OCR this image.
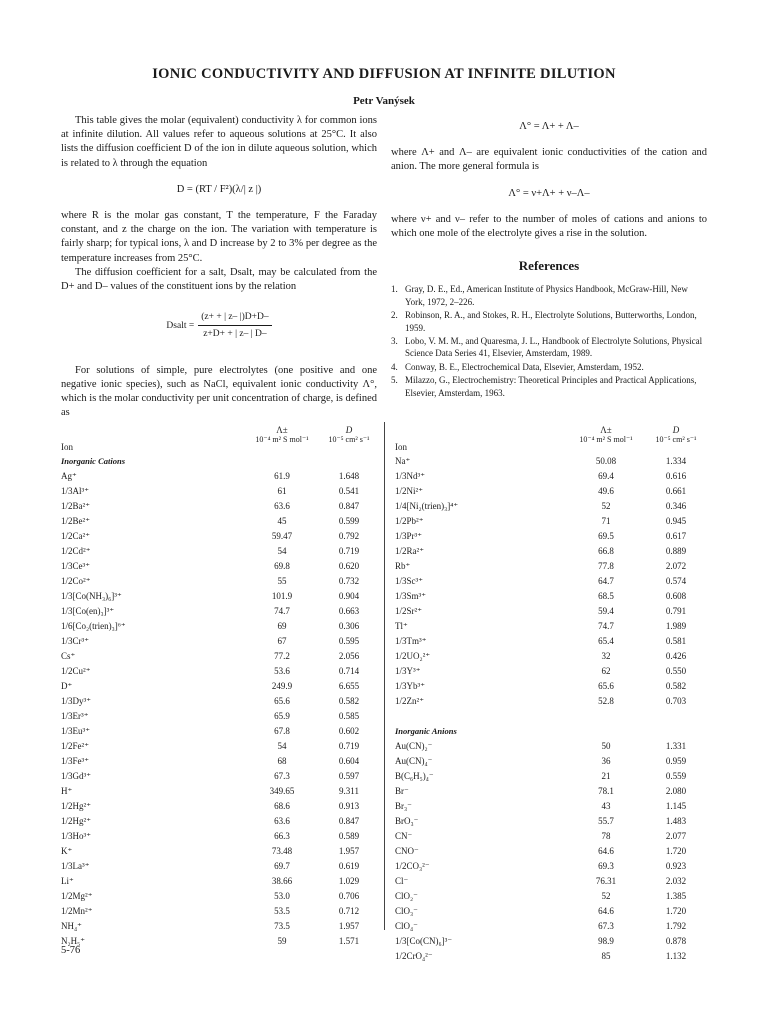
IONIC CONDUCTIVITY AND DIFFUSION AT INFINITE DILUTION
Petr Vanýsek

This table gives the molar (equivalent) conductivity λ for common ions at infinite dilution. All values refer to aqueous solutions at 25°C. It also lists the diffusion coefficient D of the ion in dilute aqueous solution, which is related to λ through the equation

D = (RT / F²)(λ/| z |)

where R is the molar gas constant, T the temperature, F the Faraday constant, and z the charge on the ion. The variation with temperature is fairly sharp; for typical ions, λ and D increase by 2 to 3% per degree as the temperature increases from 25°C.

The diffusion coefficient for a salt, Dsalt, may be calculated from the D+ and D– values of the constituent ions by the relation

Dsalt = $\frac{(z+ + | z- |)D+D-}{z+D+ + | z- | D-}$

For solutions of simple, pure electrolytes (one positive and one negative ionic species), such as NaCl, equivalent ionic conductivity Λ°, which is the molar conductivity per unit concentration of charge, is defined as

Λ° = Λ+ + Λ–

where Λ+ and Λ– are equivalent ionic conductivities of the cation and anion. The more general formula is

Λ° = ν+Λ+ + ν–Λ–

where ν+ and ν– refer to the number of moles of cations and anions to which one mole of the electrolyte gives a rise in the solution.

References
1. Gray, D. E., Ed., American Institute of Physics Handbook, McGraw-Hill, New York, 1972, 2–226.
2. Robinson, R. A., and Stokes, R. H., Electrolyte Solutions, Butterworths, London, 1959.
3. Lobo, V. M. M., and Quaresma, J. L., Handbook of Electrolyte Solutions, Physical Science Data Series 41, Elsevier, Amsterdam, 1989.
4. Conway, B. E., Electrochemical Data, Elsevier, Amsterdam, 1952.
5. Milazzo, G., Electrochemistry: Theoretical Principles and Practical Applications, Elsevier, Amsterdam, 1963.
Ion
Λ±
10⁻⁴ m² S mol⁻¹
D
10⁻⁵ cm² s⁻¹
Inorganic Cations
Ag⁺	61.9	1.648
1/3Al³⁺	61	0.541
1/2Ba²⁺	63.6	0.847
1/2Be²⁺	45	0.599
1/2Ca²⁺	59.47	0.792
1/2Cd²⁺	54	0.719
1/3Ce³⁺	69.8	0.620
1/2Co²⁺	55	0.732
1/3[Co(NH₃)₆]³⁺	101.9	0.904
1/3[Co(en)₃]³⁺	74.7	0.663
1/6[Co₂(trien)₃]⁶⁺	69	0.306
1/3Cr³⁺	67	0.595
Cs⁺	77.2	2.056
1/2Cu²⁺	53.6	0.714
D⁺	249.9	6.655
1/3Dy³⁺	65.6	0.582
1/3Er³⁺	65.9	0.585
1/3Eu³⁺	67.8	0.602
1/2Fe²⁺	54	0.719
1/3Fe³⁺	68	0.604
1/3Gd³⁺	67.3	0.597
H⁺	349.65	9.311
1/2Hg²⁺	68.6	0.913
1/2Hg²⁺	63.6	0.847
1/3Ho³⁺	66.3	0.589
K⁺	73.48	1.957
1/3La³⁺	69.7	0.619
Li⁺	38.66	1.029
1/2Mg²⁺	53.0	0.706
1/2Mn²⁺	53.5	0.712
NH₄⁺	73.5	1.957
N₂H₅⁺	59	1.571
Ion
Λ±
10⁻⁴ m² S mol⁻¹
D
10⁻⁵ cm² s⁻¹
Na⁺	50.08	1.334
1/3Nd³⁺	69.4	0.616
1/2Ni²⁺	49.6	0.661
1/4[Ni₂(trien)₃]⁴⁺	52	0.346
1/2Pb²⁺	71	0.945
1/3Pr³⁺	69.5	0.617
1/2Ra²⁺	66.8	0.889
Rb⁺	77.8	2.072
1/3Sc³⁺	64.7	0.574
1/3Sm³⁺	68.5	0.608
1/2Sr²⁺	59.4	0.791
Tl⁺	74.7	1.989
1/3Tm³⁺	65.4	0.581
1/2UO₂²⁺	32	0.426
1/3Y³⁺	62	0.550
1/3Yb³⁺	65.6	0.582
1/2Zn²⁺	52.8	0.703
Inorganic Anions
Au(CN)₂⁻	50	1.331
Au(CN)₄⁻	36	0.959
B(C₆H₅)₄⁻	21	0.559
Br⁻	78.1	2.080
Br₃⁻	43	1.145
BrO₃⁻	55.7	1.483
CN⁻	78	2.077
CNO⁻	64.6	1.720
1/2CO₃²⁻	69.3	0.923
Cl⁻	76.31	2.032
ClO₂⁻	52	1.385
ClO₃⁻	64.6	1.720
ClO₄⁻	67.3	1.792
1/3[Co(CN)₆]³⁻	98.9	0.878
1/2CrO₄²⁻	85	1.132
5-76
